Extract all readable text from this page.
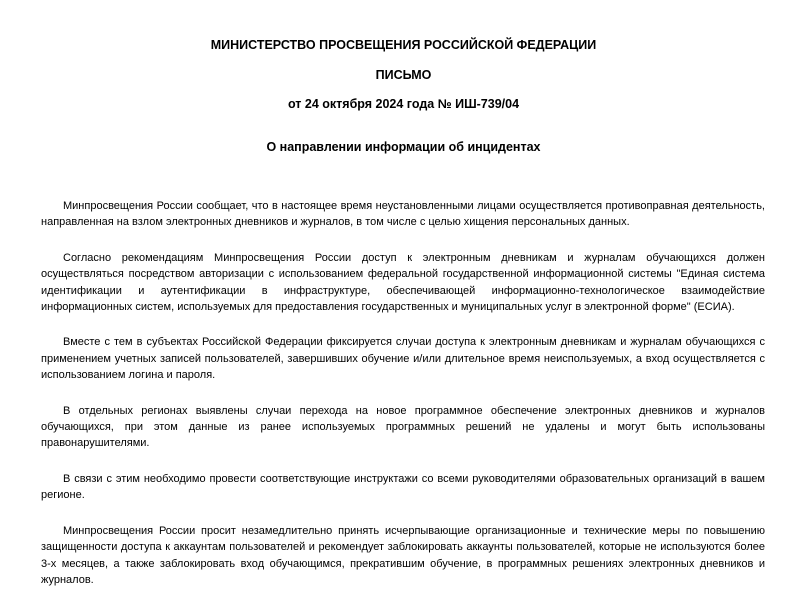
МИНИСТЕРСТВО ПРОСВЕЩЕНИЯ РОССИЙСКОЙ ФЕДЕРАЦИИ
ПИСЬМО
от 24 октября 2024 года № ИШ-739/04
О направлении информации об инцидентах

Минпросвещения России сообщает, что в настоящее время неустановленными лицами осуществляется противоправная деятельность, направленная на взлом электронных дневников и журналов, в том числе с целью хищения персональных данных.

Согласно рекомендациям Минпросвещения России доступ к электронным дневникам и журналам обучающихся должен осуществляться посредством авторизации с использованием федеральной государственной информационной системы "Единая система идентификации и аутентификации в инфраструктуре, обеспечивающей информационно-технологическое взаимодействие информационных систем, используемых для предоставления государственных и муниципальных услуг в электронной форме" (ЕСИА).

Вместе с тем в субъектах Российской Федерации фиксируется случаи доступа к электронным дневникам и журналам обучающихся с применением учетных записей пользователей, завершивших обучение и/или длительное время неиспользуемых, а вход осуществляется с использованием логина и пароля.

В отдельных регионах выявлены случаи перехода на новое программное обеспечение электронных дневников и журналов обучающихся, при этом данные из ранее используемых программных решений не удалены и могут быть использованы правонарушителями.

В связи с этим необходимо провести соответствующие инструктажи со всеми руководителями образовательных организаций в вашем регионе.

Минпросвещения России просит незамедлительно принять исчерпывающие организационные и технические меры по повышению защищенности доступа к аккаунтам пользователей и рекомендует заблокировать аккаунты пользователей, которые не используются более 3-х месяцев, а также заблокировать вход обучающимся, прекратившим обучение, в программных решениях электронных дневников и журналов.
